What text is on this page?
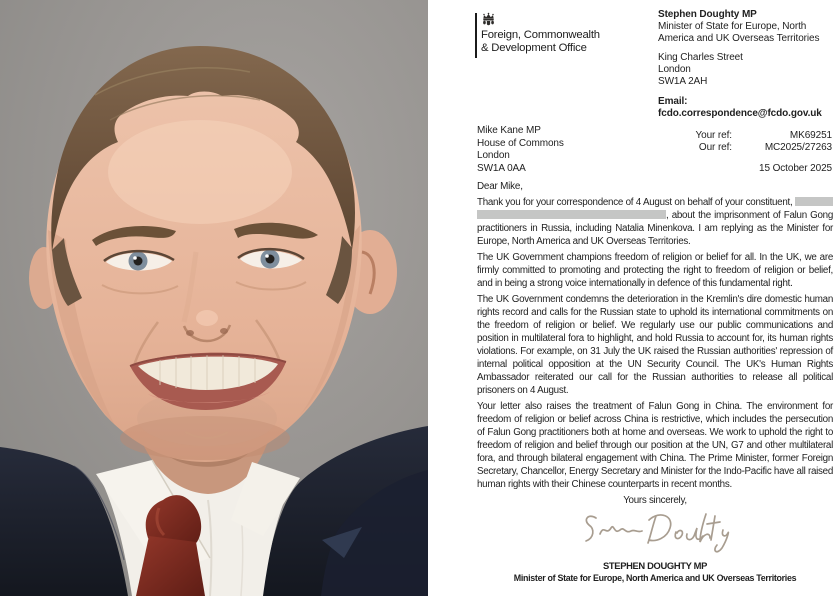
Foreign, Commonwealth
& Development Office
Stephen Doughty MP
Minister of State for Europe, North
America and UK Overseas Territories
King Charles Street
London
SW1A 2AH
Email:
fcdo.correspondence@fcdo.gov.uk
Mike Kane MP
House of Commons
London
SW1A 0AA
Your ref:	MK69251
Our ref:	MC2025/27263
15 October 2025
Dear Mike,

Thank you for your correspondence of 4 August on behalf of your constituent,  , about the imprisonment of Falun Gong practitioners in Russia, including Natalia Minenkova. I am replying as the Minister for Europe, North America and UK Overseas Territories.

The UK Government champions freedom of religion or belief for all. In the UK, we are firmly committed to promoting and protecting the right to freedom of religion or belief, and in being a strong voice internationally in defence of this fundamental right.

The UK Government condemns the deterioration in the Kremlin's dire domestic human rights record and calls for the Russian state to uphold its international commitments on the freedom of religion or belief. We regularly use our public communications and position in multilateral fora to highlight, and hold Russia to account for, its human rights violations. For example, on 31 July the UK raised the Russian authorities' repression of internal political opposition at the UN Security Council. The UK's Human Rights Ambassador reiterated our call for the Russian authorities to release all political prisoners on 4 August.

Your letter also raises the treatment of Falun Gong in China. The environment for freedom of religion or belief across China is restrictive, which includes the persecution of Falun Gong practitioners both at home and overseas. We work to uphold the right to freedom of religion and belief through our position at the UN, G7 and other multilateral fora, and through bilateral engagement with China. The Prime Minister, former Foreign Secretary, Chancellor, Energy Secretary and Minister for the Indo-Pacific have all raised human rights with their Chinese counterparts in recent months.

Yours sincerely,
STEPHEN DOUGHTY MP
Minister of State for Europe, North America and UK Overseas Territories
